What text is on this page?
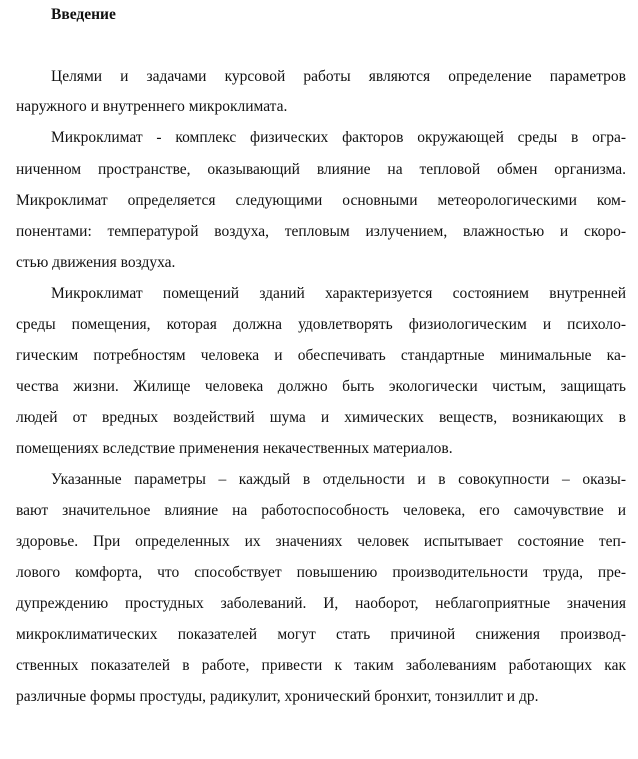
Введение
Целями и задачами курсовой работы являются определение параметров
наружного и внутреннего микроклимата.
Микроклимат - комплекс физических факторов окружающей среды в огра-
ниченном пространстве, оказывающий влияние на тепловой обмен организма.
Микроклимат определяется следующими основными метеорологическими ком-
понентами: температурой воздуха, тепловым излучением, влажностью и скоро-
стью движения воздуха.
Микроклимат помещений зданий характеризуется состоянием внутренней
среды помещения, которая должна удовлетворять физиологическим и психоло-
гическим потребностям человека и обеспечивать стандартные минимальные ка-
чества жизни. Жилище человека должно быть экологически чистым, защищать
людей от вредных воздействий шума и химических веществ, возникающих в
помещениях вследствие применения некачественных материалов.
Указанные параметры – каждый в отдельности и в совокупности – оказы-
вают значительное влияние на работоспособность человека, его самочувствие и
здоровье. При определенных их значениях человек испытывает состояние теп-
лового комфорта, что способствует повышению производительности труда, пре-
дупреждению простудных заболеваний. И, наоборот, неблагоприятные значения
микроклиматических показателей могут стать причиной снижения производ-
ственных показателей в работе, привести к таким заболеваниям работающих как
различные формы простуды, радикулит, хронический бронхит, тонзиллит и др.
